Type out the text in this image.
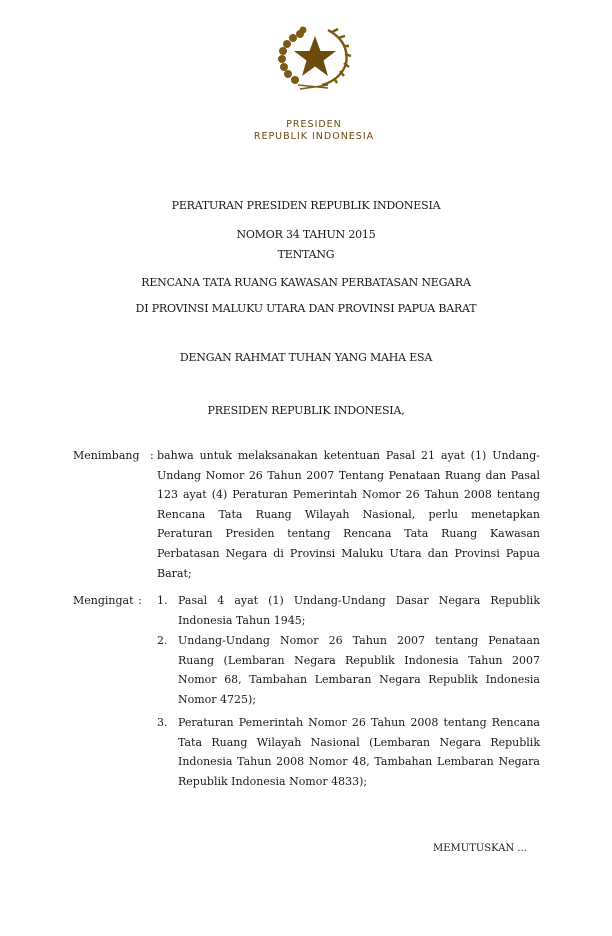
PRESIDEN
REPUBLIK INDONESIA
PERATURAN PRESIDEN REPUBLIK INDONESIA
NOMOR 34 TAHUN 2015
TENTANG
RENCANA TATA RUANG KAWASAN PERBATASAN NEGARA
DI PROVINSI MALUKU UTARA DAN PROVINSI PAPUA BARAT
DENGAN RAHMAT TUHAN YANG MAHA ESA
PRESIDEN REPUBLIK INDONESIA,
Menimbang : bahwa untuk melaksanakan ketentuan Pasal 21 ayat (1) Undang-Undang Nomor 26 Tahun 2007 Tentang Penataan Ruang dan Pasal 123 ayat (4) Peraturan Pemerintah Nomor 26 Tahun 2008 tentang Rencana Tata Ruang Wilayah Nasional, perlu menetapkan Peraturan Presiden tentang Rencana Tata Ruang Kawasan Perbatasan Negara di Provinsi Maluku Utara dan Provinsi Papua Barat;
Mengingat : 1. Pasal 4 ayat (1) Undang-Undang Dasar Negara Republik Indonesia Tahun 1945;
2. Undang-Undang Nomor 26 Tahun 2007 tentang Penataan Ruang (Lembaran Negara Republik Indonesia Tahun 2007 Nomor 68, Tambahan Lembaran Negara Republik Indonesia Nomor 4725);
3. Peraturan Pemerintah Nomor 26 Tahun 2008 tentang Rencana Tata Ruang Wilayah Nasional (Lembaran Negara Republik Indonesia Tahun 2008 Nomor 48, Tambahan Lembaran Negara Republik Indonesia Nomor 4833);
MEMUTUSKAN ...
